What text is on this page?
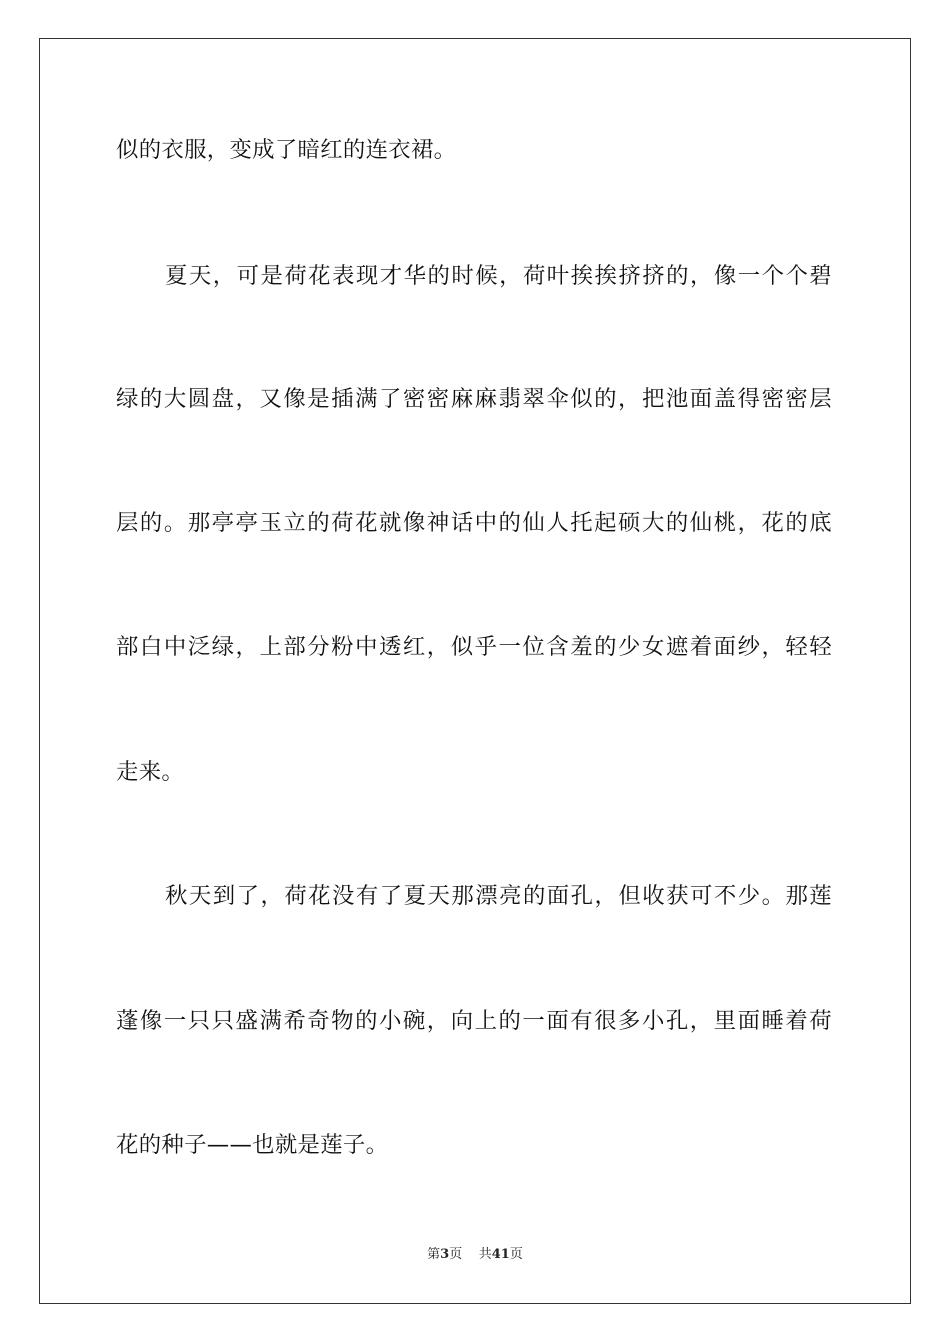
似的衣服，变成了暗红的连衣裙。
夏天，可是荷花表现才华的时候，荷叶挨挨挤挤的，像一个个碧
绿的大圆盘，又像是插满了密密麻麻翡翠伞似的，把池面盖得密密层
层的。那亭亭玉立的荷花就像神话中的仙人托起硕大的仙桃，花的底
部白中泛绿，上部分粉中透红，似乎一位含羞的少女遮着面纱，轻轻
走来。
秋天到了，荷花没有了夏天那漂亮的面孔，但收获可不少。那莲
蓬像一只只盛满希奇物的小碗，向上的一面有很多小孔，里面睡着荷
花的种子——也就是莲子。
第3页 共41页
